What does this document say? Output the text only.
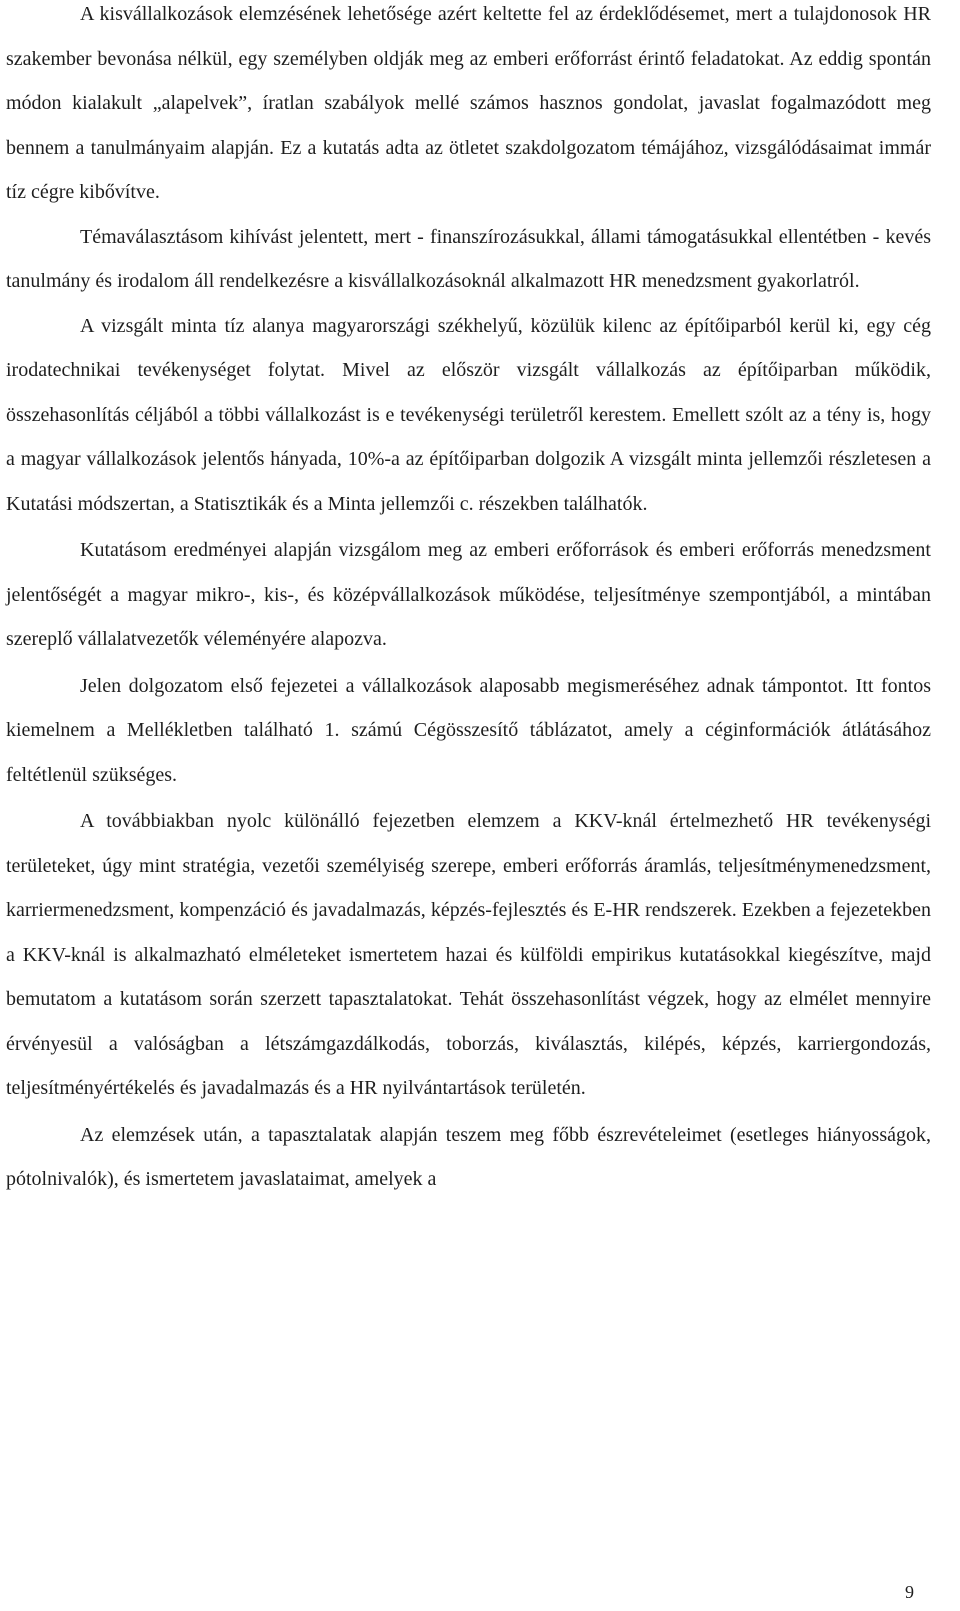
A kisvállalkozások elemzésének lehetősége azért keltette fel az érdeklődésemet, mert a tulajdonosok HR szakember bevonása nélkül, egy személyben oldják meg az emberi erőforrást érintő feladatokat. Az eddig spontán módon kialakult „alapelvek”, íratlan szabályok mellé számos hasznos gondolat, javaslat fogalmazódott meg bennem a tanulmányaim alapján. Ez a kutatás adta az ötletet szakdolgozatom témájához, vizsgálódásaimat immár tíz cégre kibővítve.

Témaválasztásom kihívást jelentett, mert - finanszírozásukkal, állami támogatásukkal ellentétben - kevés tanulmány és irodalom áll rendelkezésre a kisvállalkozásoknál alkalmazott HR menedzsment gyakorlatról.

A vizsgált minta tíz alanya magyarországi székhelyű, közülük kilenc az építőiparból kerül ki, egy cég irodatechnikai tevékenységet folytat. Mivel az először vizsgált vállalkozás az építőiparban működik, összehasonlítás céljából a többi vállalkozást is e tevékenységi területről kerestem. Emellett szólt az a tény is, hogy a magyar vállalkozások jelentős hányada, 10%-a az építőiparban dolgozik A vizsgált minta jellemzői részletesen a Kutatási módszertan, a Statisztikák és a Minta jellemzői c. részekben találhatók.

Kutatásom eredményei alapján vizsgálom meg az emberi erőforrások és emberi erőforrás menedzsment jelentőségét a magyar mikro-, kis-, és középvállalkozások működése, teljesítménye szempontjából, a mintában szereplő vállalatvezetők véleményére alapozva.

Jelen dolgozatom első fejezetei a vállalkozások alaposabb megismeréséhez adnak támpontot. Itt fontos kiemelnem a Mellékletben található 1. számú Cégösszesítő táblázatot, amely a céginformációk átlátásához feltétlenül szükséges.

A továbbiakban nyolc különálló fejezetben elemzem a KKV-knál értelmezhető HR tevékenységi területeket, úgy mint stratégia, vezetői személyiség szerepe, emberi erőforrás áramlás, teljesítménymenedzsment, karriermenedzsment, kompenzáció és javadalmazás, képzés-fejlesztés és E-HR rendszerek. Ezekben a fejezetekben a KKV-knál is alkalmazható elméleteket ismertetem hazai és külföldi empirikus kutatásokkal kiegészítve, majd bemutatom a kutatásom során szerzett tapasztalatokat. Tehát összehasonlítást végzek, hogy az elmélet mennyire érvényesül a valóságban a létszámgazdálkodás, toborzás, kiválasztás, kilépés, képzés, karriergondozás, teljesítményértékelés és javadalmazás és a HR nyilvántartások területén.

Az elemzések után, a tapasztalatak alapján teszem meg főbb észrevételeimet (esetleges hiányosságok, pótolnivalók), és ismertetem javaslataimat, amelyek a

9
